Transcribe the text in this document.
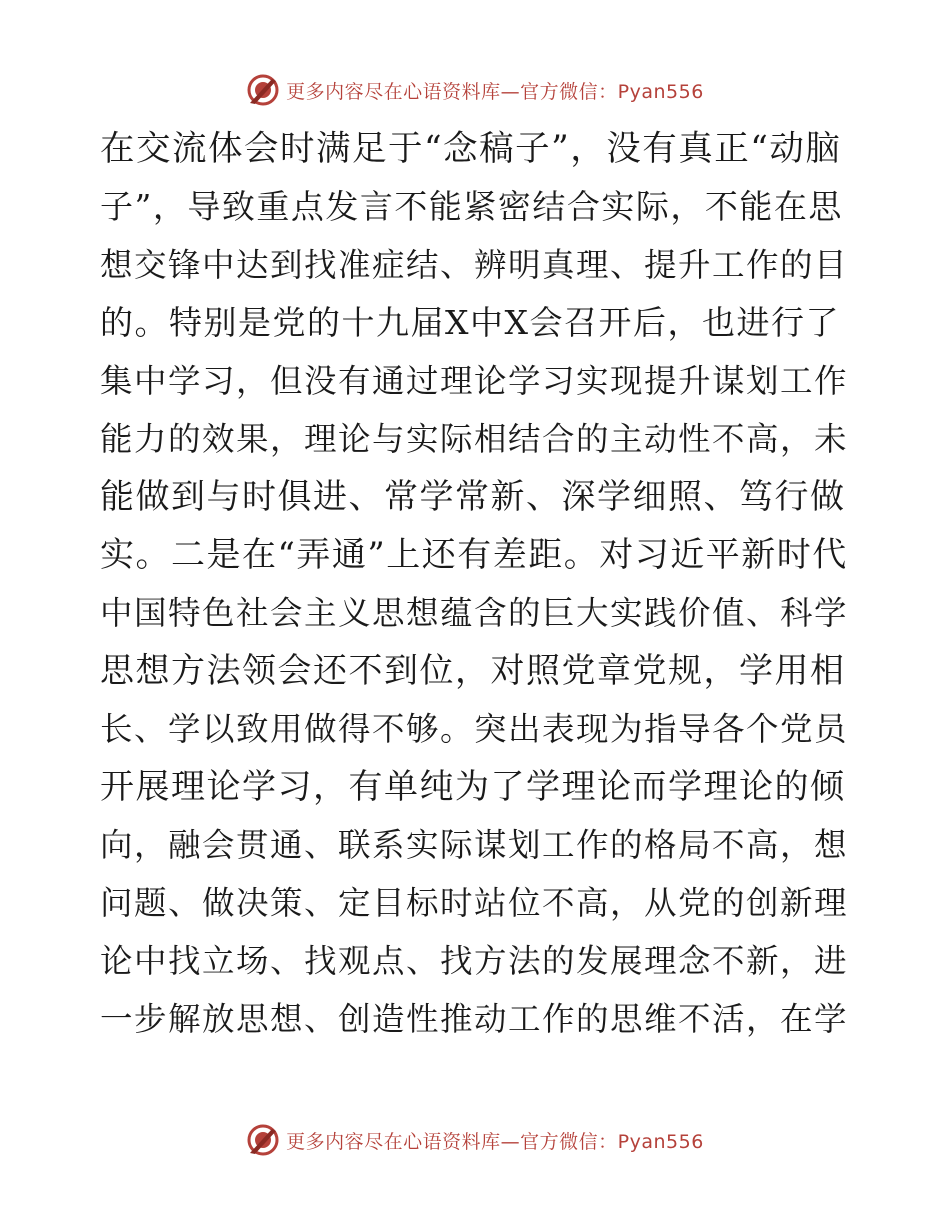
更多内容尽在心语资料库—官方微信：Pyan556
在交流体会时满足于“念稿子”，没有真正“动脑
子”，导致重点发言不能紧密结合实际，不能在思
想交锋中达到找准症结、辨明真理、提升工作的目
的。特别是党的十九届X中X会召开后，也进行了
集中学习，但没有通过理论学习实现提升谋划工作
能力的效果，理论与实际相结合的主动性不高，未
能做到与时俱进、常学常新、深学细照、笃行做
实。二是在“弄通”上还有差距。对习近平新时代
中国特色社会主义思想蕴含的巨大实践价值、科学
思想方法领会还不到位，对照党章党规，学用相
长、学以致用做得不够。突出表现为指导各个党员
开展理论学习，有单纯为了学理论而学理论的倾
向，融会贯通、联系实际谋划工作的格局不高，想
问题、做决策、定目标时站位不高，从党的创新理
论中找立场、找观点、找方法的发展理念不新，进
一步解放思想、创造性推动工作的思维不活，在学
更多内容尽在心语资料库—官方微信：Pyan556
